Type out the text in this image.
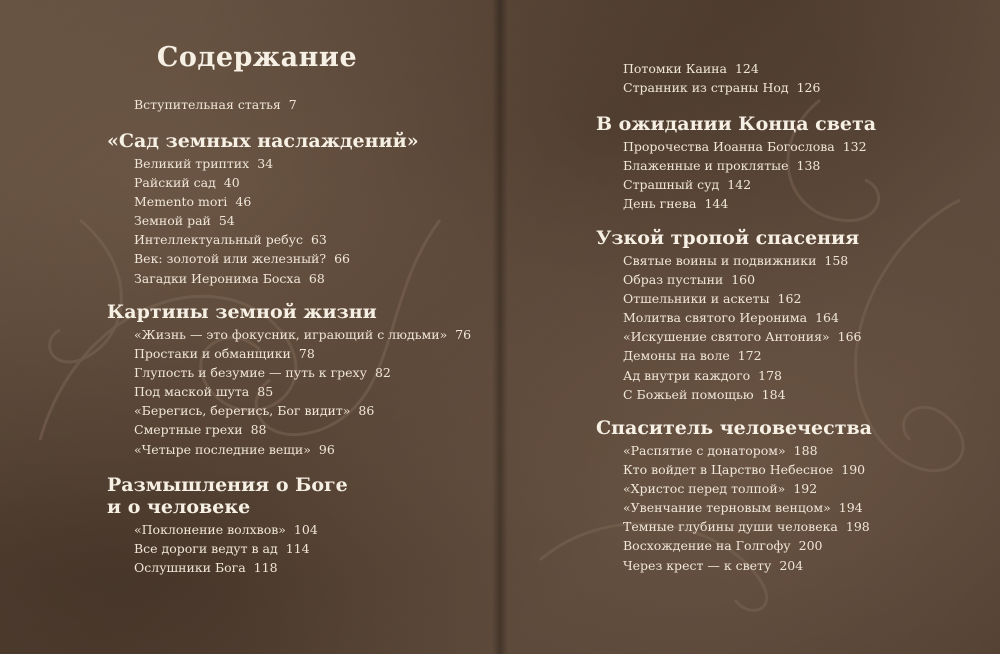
Содержание
Вступительная статья 7
«Сад земных наслаждений»
Великий триптих 34
Райский сад 40
Memento mori 46
Земной рай 54
Интеллектуальный ребус 63
Век: золотой или железный? 66
Загадки Иеронима Босха 68
Картины земной жизни
«Жизнь — это фокусник, играющий с людьми» 76
Простаки и обманщики 78
Глупость и безумие — путь к греху 82
Под маской шута 85
«Берегись, берегись, Бог видит» 86
Смертные грехи 88
«Четыре последние вещи» 96
Размышления о Боге
и о человеке
«Поклонение волхвов» 104
Все дороги ведут в ад 114
Ослушники Бога 118
Потомки Каина 124
Странник из страны Нод 126
В ожидании Конца света
Пророчества Иоанна Богослова 132
Блаженные и проклятые 138
Страшный суд 142
День гнева 144
Узкой тропой спасения
Святые воины и подвижники 158
Образ пустыни 160
Отшельники и аскеты 162
Молитва святого Иеронима 164
«Искушение святого Антония» 166
Демоны на воле 172
Ад внутри каждого 178
С Божьей помощью 184
Спаситель человечества
«Распятие с донатором» 188
Кто войдет в Царство Небесное 190
«Христос перед толпой» 192
«Увенчание терновым венцом» 194
Темные глубины души человека 198
Восхождение на Голгофу 200
Через крест — к свету 204
